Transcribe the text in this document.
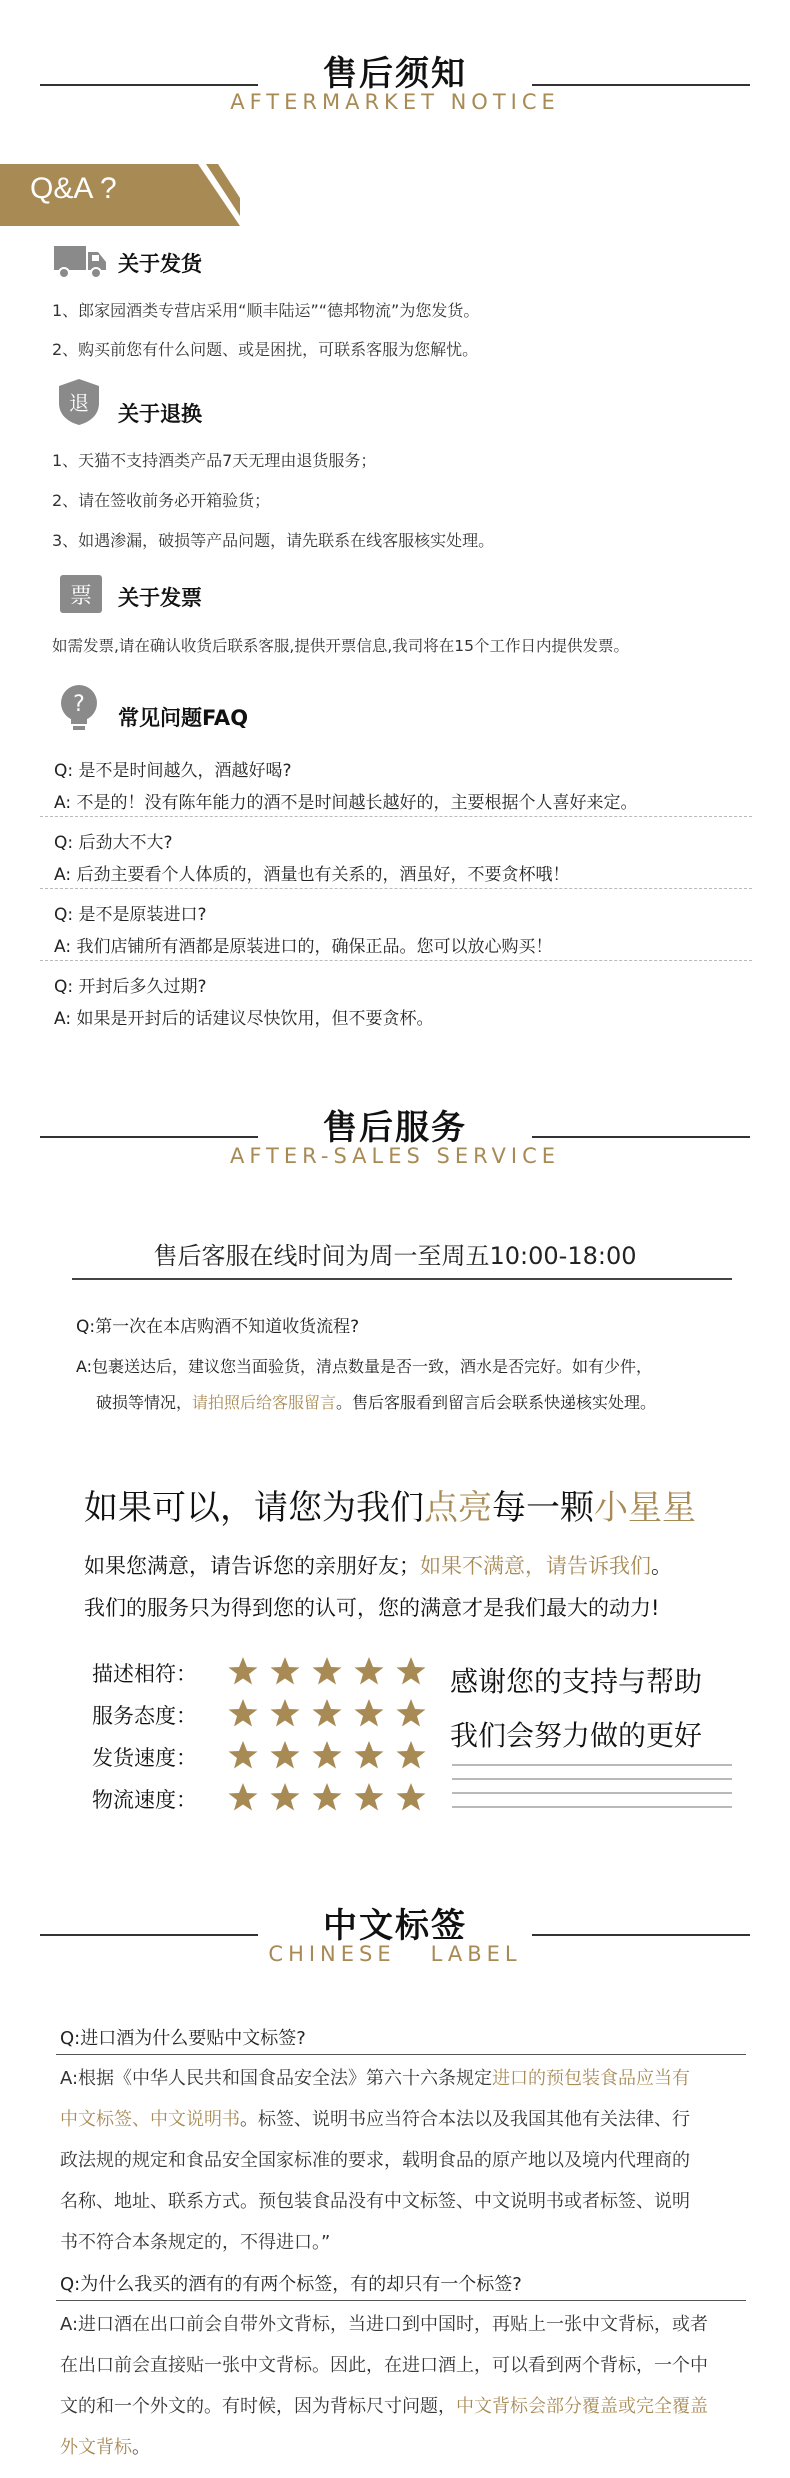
售后须知
AFTERMARKET NOTICE
Q&A ?
关于发货
1、郎家园酒类专营店采用“顺丰陆运”“德邦物流”为您发货。
2、购买前您有什么问题、或是困扰，可联系客服为您解忧。
退 关于退换
1、天猫不支持酒类产品7天无理由退货服务；
2、请在签收前务必开箱验货；
3、如遇渗漏，破损等产品问题，请先联系在线客服核实处理。
票 关于发票
如需发票,请在确认收货后联系客服,提供开票信息,我司将在15个工作日内提供发票。
?
常见问题FAQ
Q: 是不是时间越久，酒越好喝?
A: 不是的！没有陈年能力的酒不是时间越长越好的，主要根据个人喜好来定。
Q: 后劲大不大?
A: 后劲主要看个人体质的，酒量也有关系的，酒虽好，不要贪杯哦！
Q: 是不是原装进口?
A: 我们店铺所有酒都是原装进口的，确保正品。您可以放心购买！
Q: 开封后多久过期?
A: 如果是开封后的话建议尽快饮用，但不要贪杯。
售后服务
AFTER-SALES SERVICE
售后客服在线时间为周一至周五10:00-18:00
Q:第一次在本店购酒不知道收货流程?
A:包裹送达后，建议您当面验货，清点数量是否一致，酒水是否完好。如有少件，
破损等情况，请拍照后给客服留言。售后客服看到留言后会联系快递核实处理。
如果可以，请您为我们点亮每一颗小星星
如果您满意，请告诉您的亲朋好友；如果不满意，请告诉我们。
我们的服务只为得到您的认可，您的满意才是我们最大的动力!
描述相符：
服务态度：
发货速度：
物流速度：
感谢您的支持与帮助
我们会努力做的更好
中文标签
CHINESE   LABEL
Q:进口酒为什么要贴中文标签?
A:根据《中华人民共和国食品安全法》第六十六条规定进口的预包装食品应当有
中文标签、中文说明书。标签、说明书应当符合本法以及我国其他有关法律、行
政法规的规定和食品安全国家标准的要求，载明食品的原产地以及境内代理商的
名称、地址、联系方式。预包装食品没有中文标签、中文说明书或者标签、说明
书不符合本条规定的，不得进口。”
Q:为什么我买的酒有的有两个标签，有的却只有一个标签?
A:进口酒在出口前会自带外文背标，当进口到中国时，再贴上一张中文背标，或者
在出口前会直接贴一张中文背标。因此，在进口酒上，可以看到两个背标，一个中
文的和一个外文的。有时候，因为背标尺寸问题，中文背标会部分覆盖或完全覆盖
外文背标。
